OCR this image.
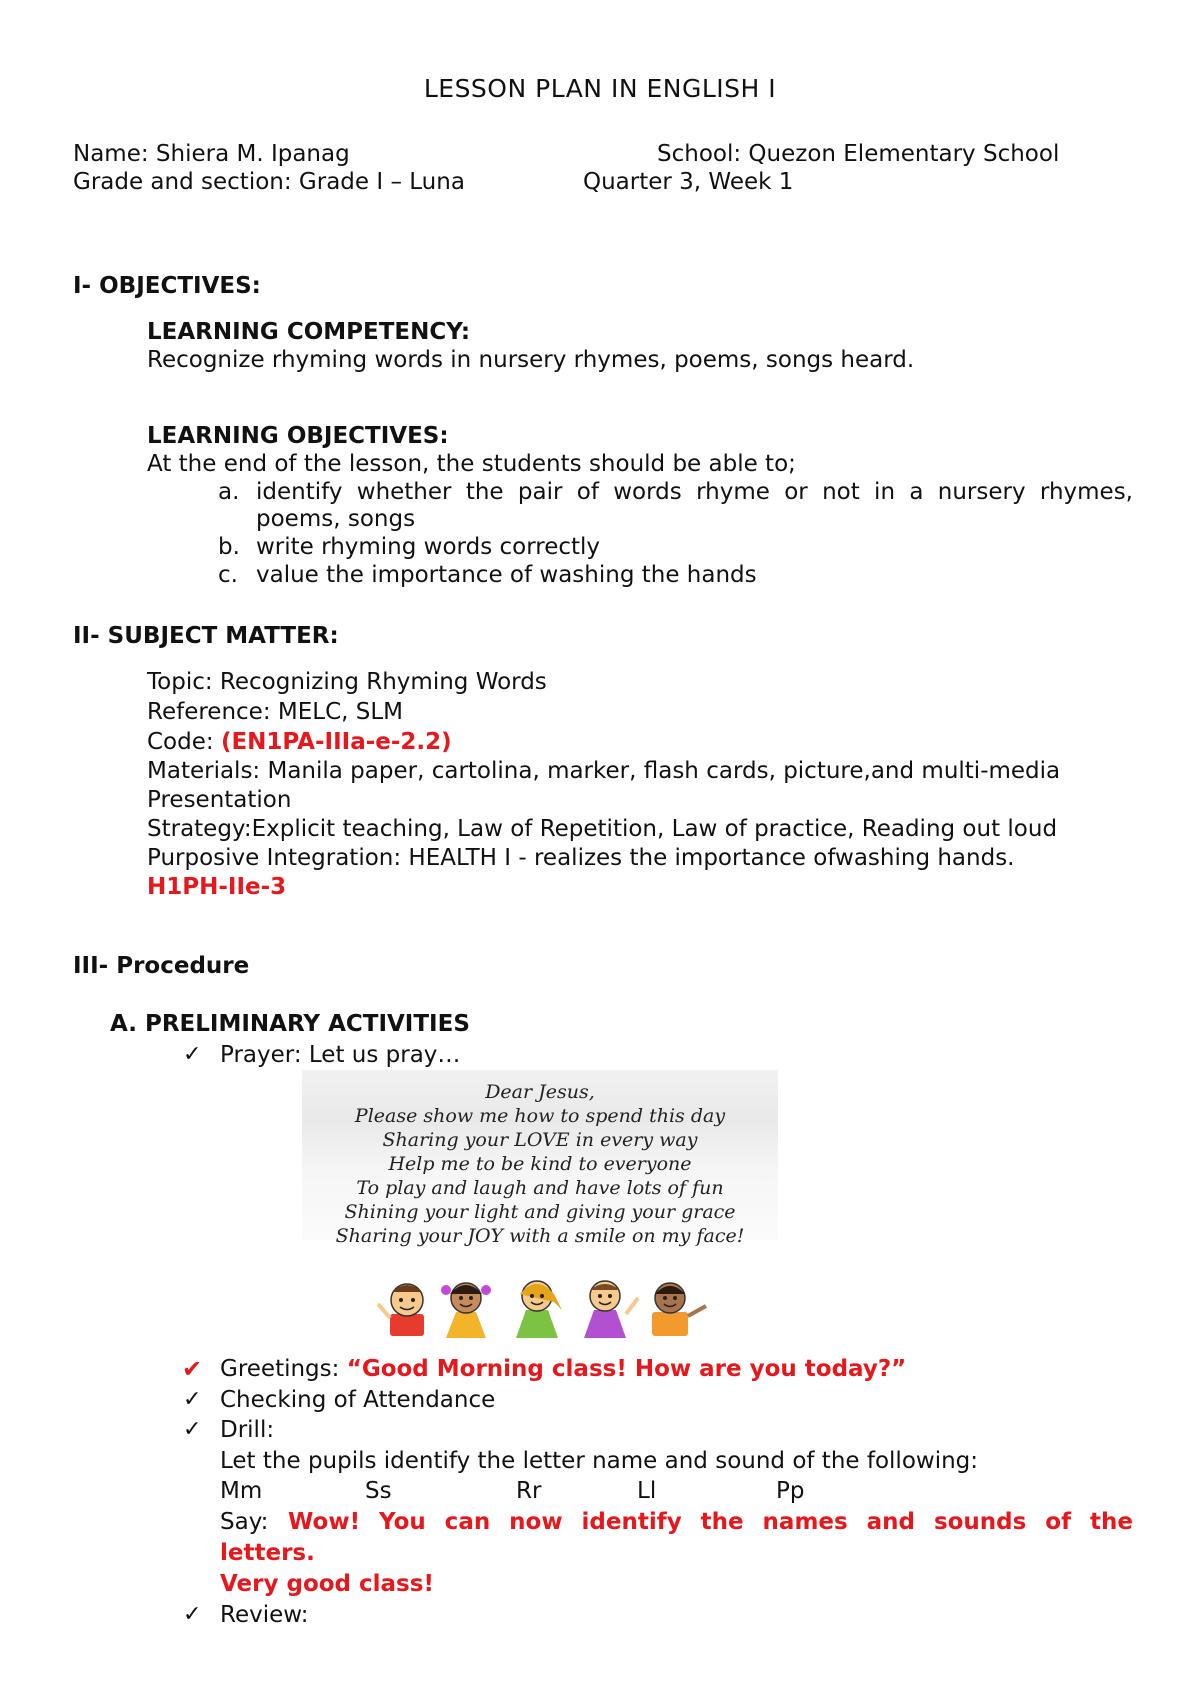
LESSON PLAN IN ENGLISH I
Name: Shiera M. Ipanag	School: Quezon Elementary School
Grade and section: Grade I – Luna	Quarter 3, Week 1
I- OBJECTIVES:
LEARNING COMPETENCY:
Recognize rhyming words in nursery rhymes, poems, songs heard.
LEARNING OBJECTIVES:
At the end of the lesson, the students should be able to;
a. identify whether the pair of words rhyme or not in a nursery rhymes,
poems, songs
b. write rhyming words correctly
c. value the importance of washing the hands
II- SUBJECT MATTER:
Topic: Recognizing Rhyming Words
Reference: MELC, SLM
Code: (EN1PA-IIIa-e-2.2)
Materials: Manila paper, cartolina, marker, flash cards, picture,and multi-media
Presentation
Strategy:Explicit teaching, Law of Repetition, Law of practice, Reading out loud
Purposive Integration: HEALTH I - realizes the importance ofwashing hands.
H1PH-IIe-3
III- Procedure
A. PRELIMINARY ACTIVITIES
✓ Prayer: Let us pray…
Dear Jesus,
Please show me how to spend this day
Sharing your LOVE in every way
Help me to be kind to everyone
To play and laugh and have lots of fun
Shining your light and giving your grace
Sharing your JOY with a smile on my face!
✔ Greetings: “Good Morning class! How are you today?”
✓ Checking of Attendance
✓ Drill:
Let the pupils identify the letter name and sound of the following:
Mm	Ss	Rr	Ll	Pp
Say: Wow! You can now identify the names and sounds of the
letters.
Very good class!
✓ Review:
